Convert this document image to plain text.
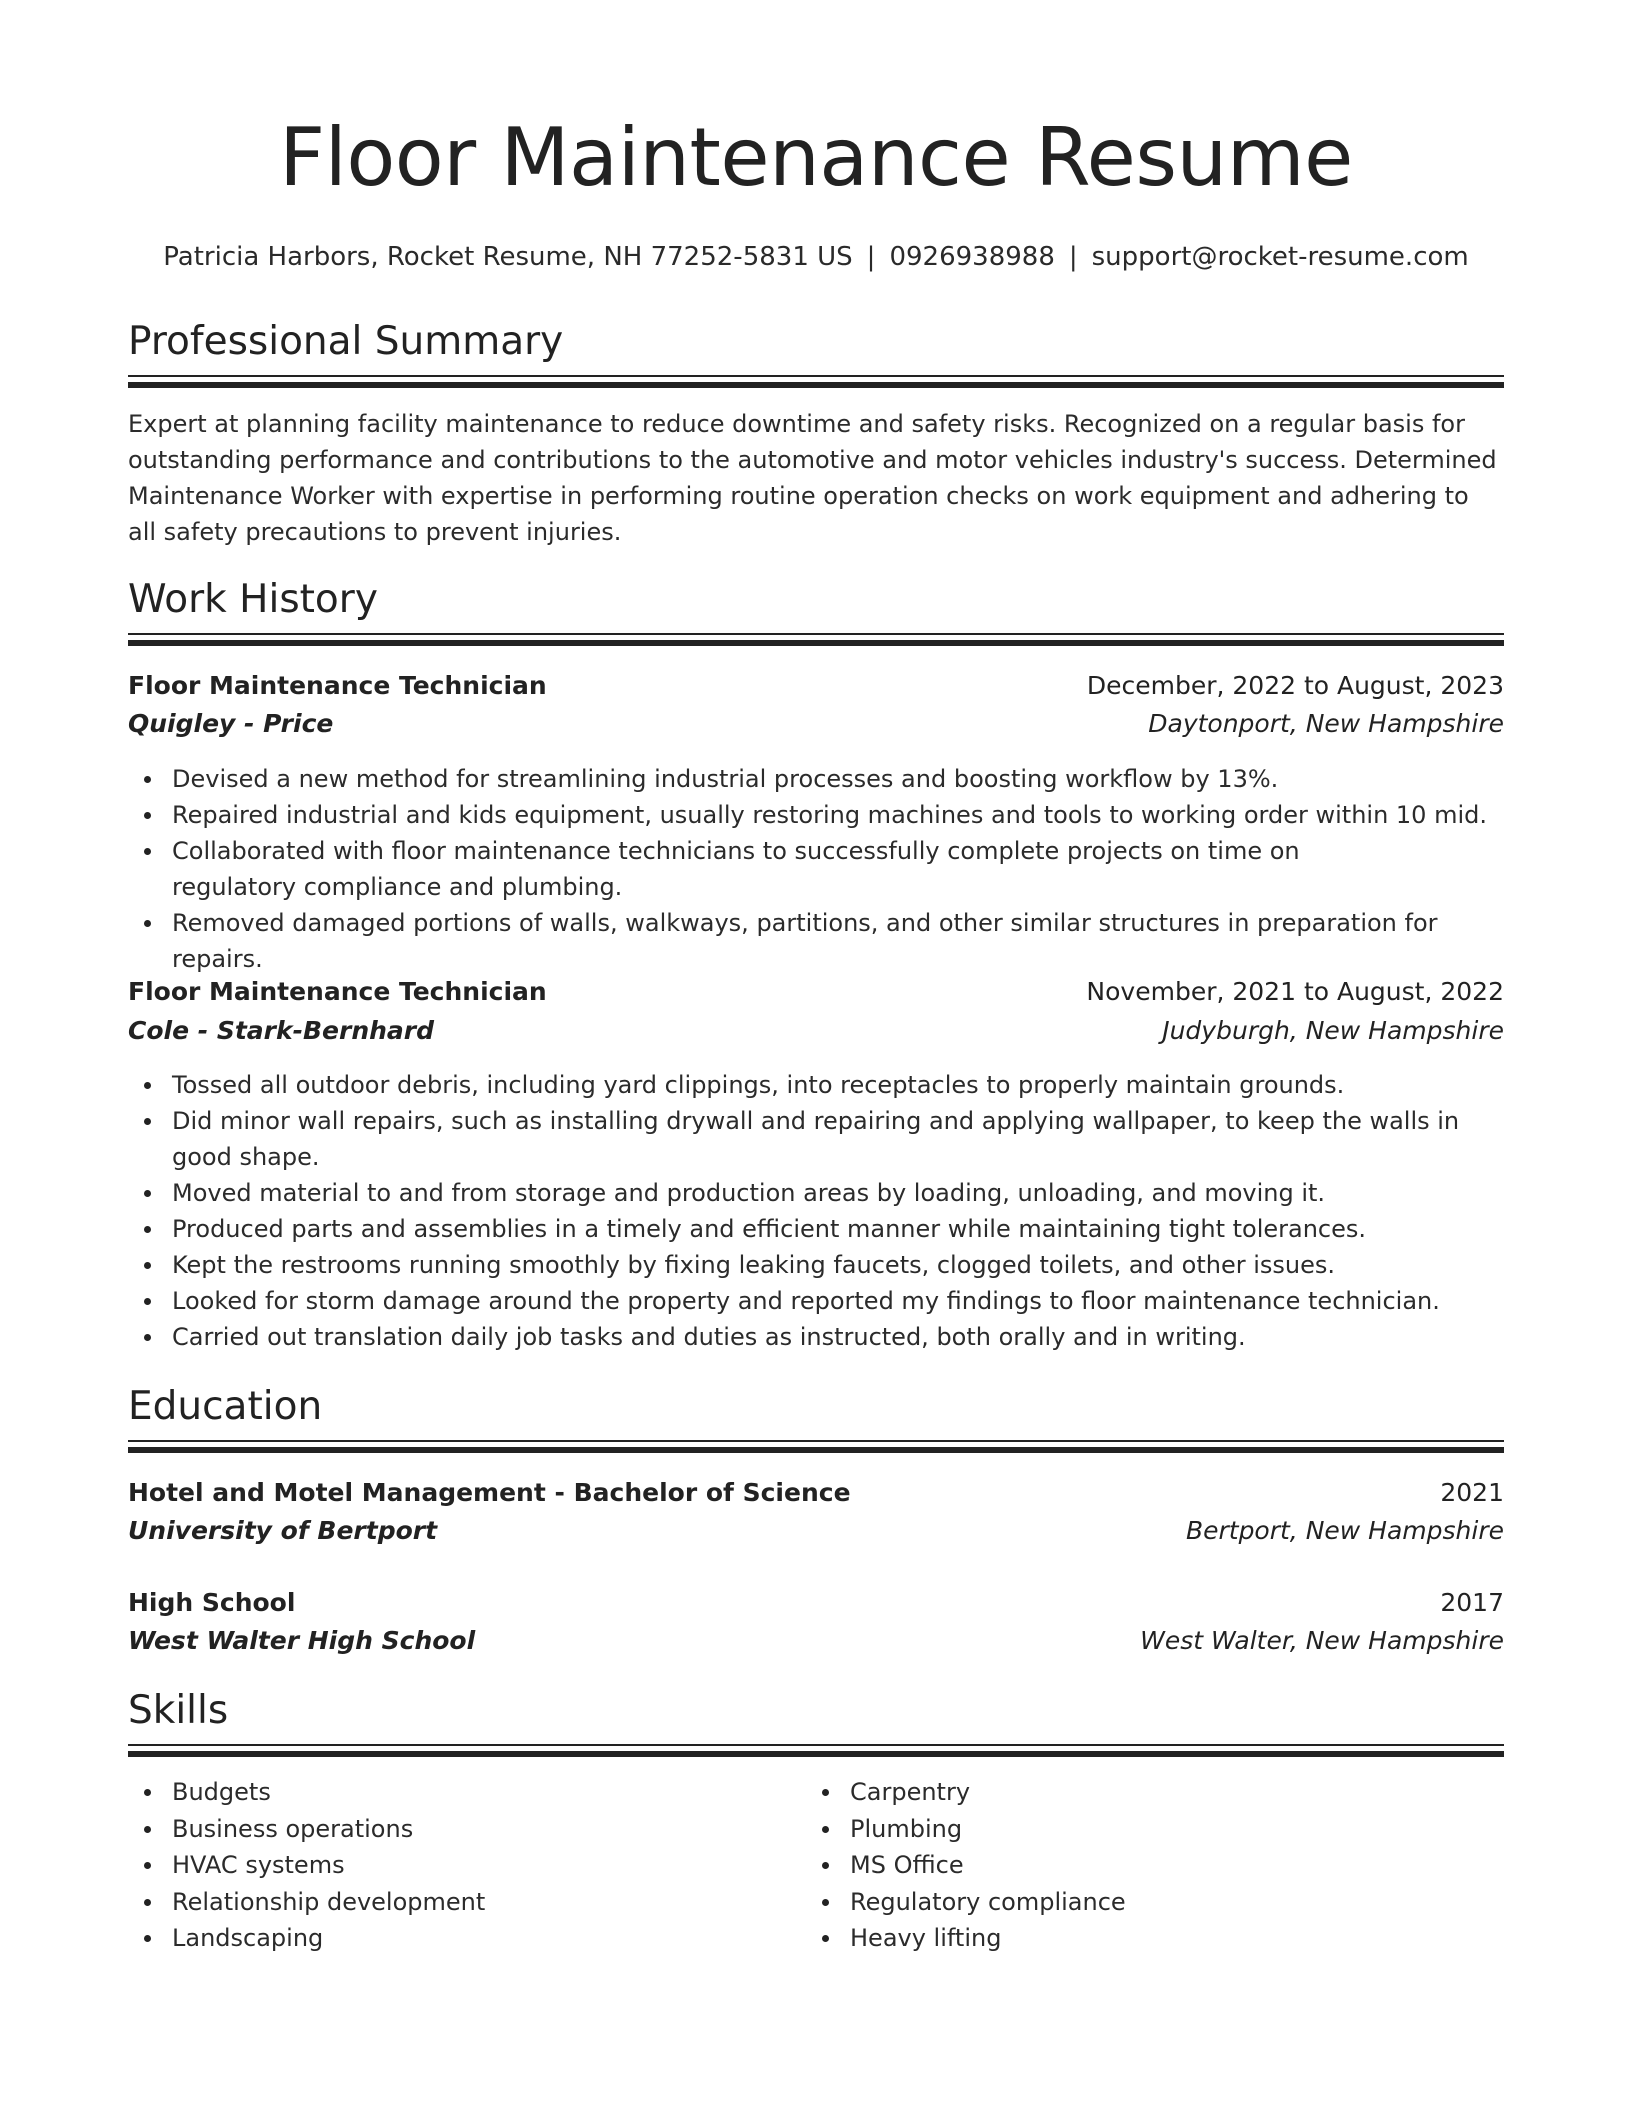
Floor Maintenance Resume
Patricia Harbors, Rocket Resume, NH 77252-5831 US | 0926938988 | support@rocket-resume.com
Professional Summary

Expert at planning facility maintenance to reduce downtime and safety risks. Recognized on a regular basis for outstanding performance and contributions to the automotive and motor vehicles industry's success. Determined Maintenance Worker with expertise in performing routine operation checks on work equipment and adhering to all safety precautions to prevent injuries.

Work History
Floor Maintenance Technician	December, 2022 to August, 2023
Quigley - Price	Daytonport, New Hampshire
Devised a new method for streamlining industrial processes and boosting workflow by 13%.
Repaired industrial and kids equipment, usually restoring machines and tools to working order within 10 mid.
Collaborated with floor maintenance technicians to successfully complete projects on time on regulatory compliance and plumbing.
Removed damaged portions of walls, walkways, partitions, and other similar structures in preparation for repairs.
Floor Maintenance Technician	November, 2021 to August, 2022
Cole - Stark-Bernhard	Judyburgh, New Hampshire
Tossed all outdoor debris, including yard clippings, into receptacles to properly maintain grounds.
Did minor wall repairs, such as installing drywall and repairing and applying wallpaper, to keep the walls in good shape.
Moved material to and from storage and production areas by loading, unloading, and moving it.
Produced parts and assemblies in a timely and efficient manner while maintaining tight tolerances.
Kept the restrooms running smoothly by fixing leaking faucets, clogged toilets, and other issues.
Looked for storm damage around the property and reported my findings to floor maintenance technician.
Carried out translation daily job tasks and duties as instructed, both orally and in writing.
Education
Hotel and Motel Management - Bachelor of Science	2021
University of Bertport	Bertport, New Hampshire
High School	2017
West Walter High School	West Walter, New Hampshire
Skills
Budgets
Business operations
HVAC systems
Relationship development
Landscaping
Carpentry
Plumbing
MS Office
Regulatory compliance
Heavy lifting
